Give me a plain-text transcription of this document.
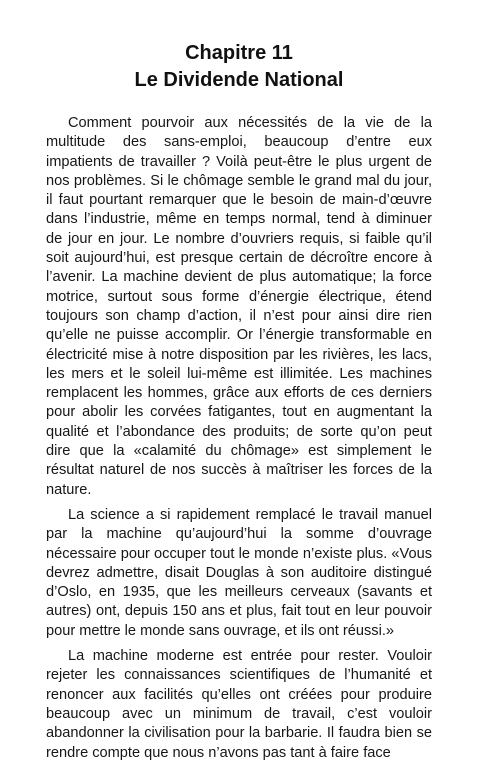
Chapitre 11
Le Dividende National

Comment pourvoir aux nécessités de la vie de la multitude des sans-emploi, beaucoup d’entre eux impatients de travailler ? Voilà peut-être le plus urgent de nos problèmes. Si le chômage semble le grand mal du jour, il faut pourtant remarquer que le besoin de main-d’œuvre dans l’industrie, même en temps normal, tend à diminuer de jour en jour. Le nombre d’ouvriers requis, si faible qu’il soit aujourd’hui, est presque certain de décroître encore à l’avenir. La machine devient de plus automatique; la force motrice, surtout sous forme d’énergie électrique, étend toujours son champ d’action, il n’est pour ainsi dire rien qu’elle ne puisse accomplir. Or l’énergie transformable en électricité mise à notre disposition par les rivières, les lacs, les mers et le soleil lui-même est illimitée. Les machines remplacent les hommes, grâce aux efforts de ces derniers pour abolir les corvées fatigantes, tout en augmentant la qualité et l’abondance des produits; de sorte qu’on peut dire que la «calamité du chômage» est simplement le résultat naturel de nos succès à maîtriser les forces de la nature.

La science a si rapidement remplacé le travail manuel par la machine qu’aujourd’hui la somme d’ouvrage nécessaire pour occuper tout le monde n’existe plus. «Vous devrez admettre, disait Douglas à son auditoire distingué d’Oslo, en 1935, que les meilleurs cerveaux (savants et autres) ont, depuis 150 ans et plus, fait tout en leur pouvoir pour mettre le monde sans ouvrage, et ils ont réussi.»

La machine moderne est entrée pour rester. Vouloir rejeter les connaissances scientifiques de l’humanité et renoncer aux facilités qu’elles ont créées pour produire beaucoup avec un minimum de travail, c’est vouloir abandonner la civilisation pour la barbarie. Il faudra bien se rendre compte que nous n’avons pas tant à faire face
